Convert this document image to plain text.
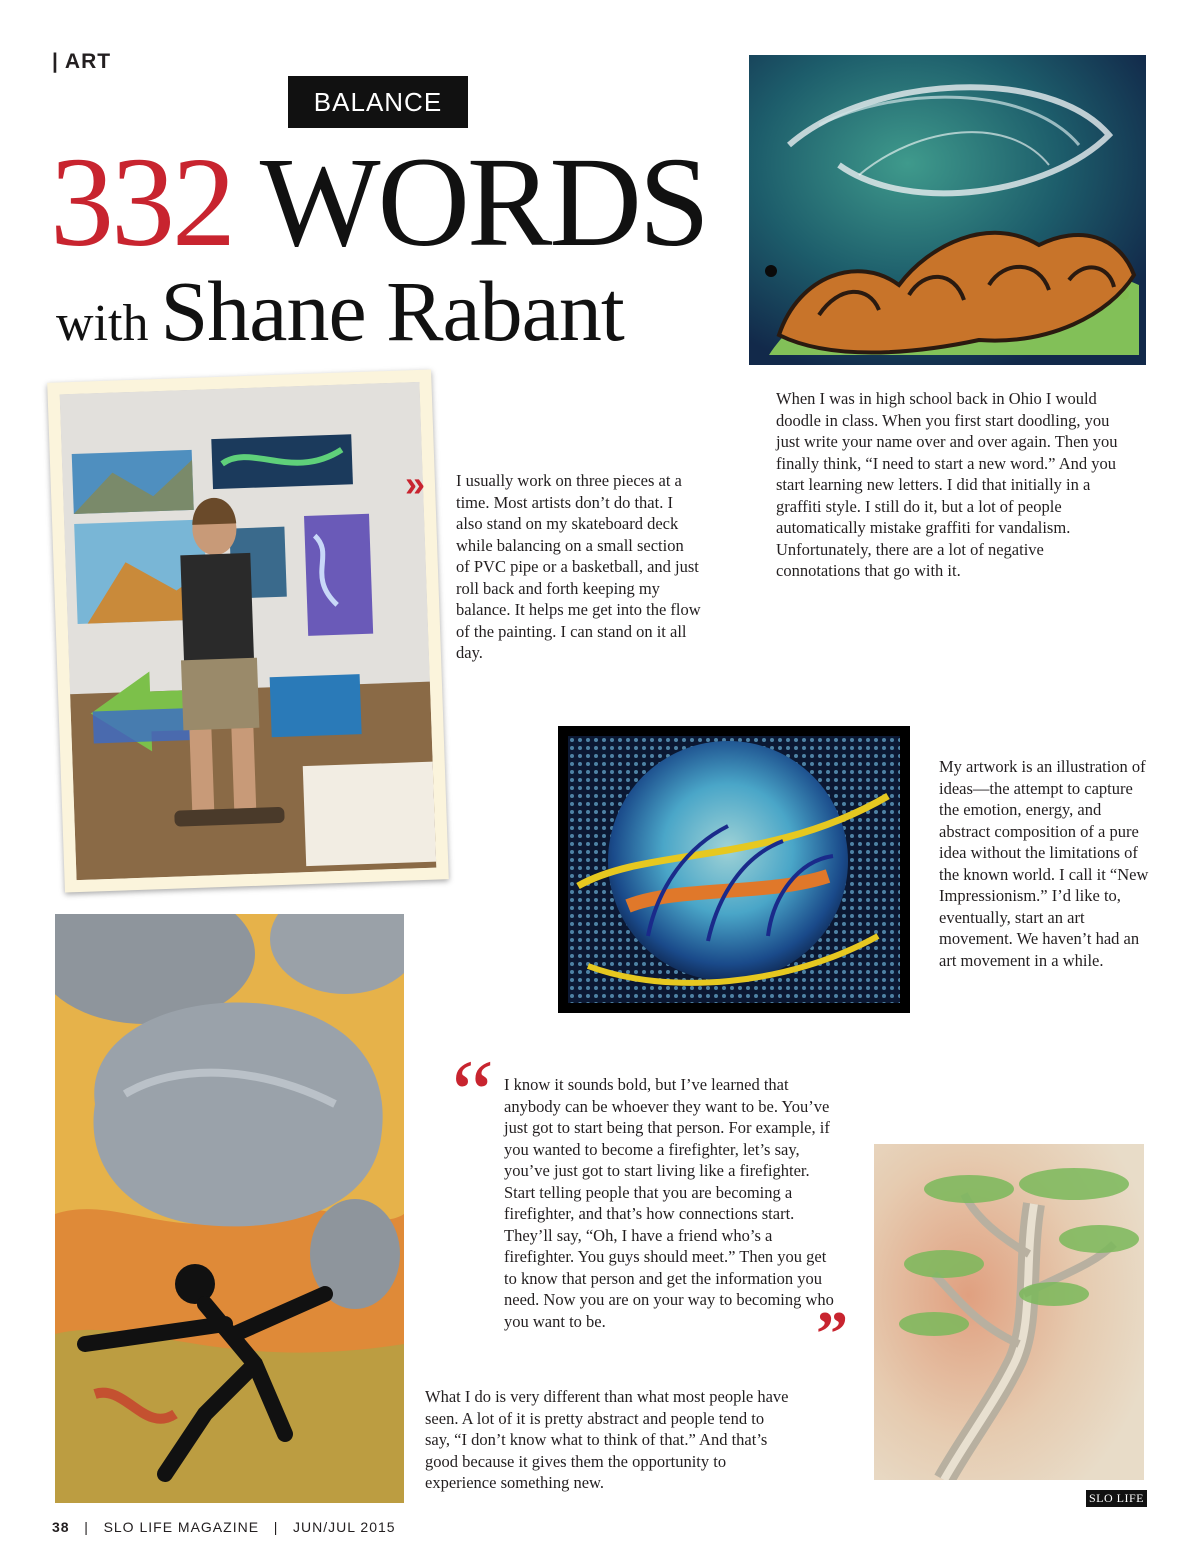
| ART
BALANCE
332 WORDS
with Shane Rabant
»
When I was in high school back in Ohio I would doodle in class. When you first start doodling, you just write your name over and over again. Then you finally think, “I need to start a new word.” And you start learning new letters. I did that initially in a graffiti style. I still do it, but a lot of people automatically mistake graffiti for vandalism. Unfortunately, there are a lot of negative connotations that go with it.
I usually work on three pieces at a time. Most artists don’t do that. I also stand on my skateboard deck while balancing on a small section of PVC pipe or a basketball, and just roll back and forth keeping my balance. It helps me get into the flow of the painting. I can stand on it all day.
My artwork is an illustration of ideas—the attempt to capture the emotion, energy, and abstract composition of a pure idea without the limitations of the known world. I call it “New Impressionism.” I’d like to, eventually, start an art movement. We haven’t had an art movement in a while.
“ I know it sounds bold, but I’ve learned that anybody can be whoever they want to be. You’ve just got to start being that person. For example, if you wanted to become a firefighter, let’s say, you’ve just got to start living like a firefighter. Start telling people that you are becoming a firefighter, and that’s how connections start. They’ll say, “Oh, I have a friend who’s a firefighter. You guys should meet.” Then you get to know that person and get the information you need. Now you are on your way to becoming who you want to be.	”
What I do is very different than what most people have seen. A lot of it is pretty abstract and people tend to say, “I don’t know what to think of that.” And that’s good because it gives them the opportunity to experience something new.
SLO LIFE
38   |   SLO LIFE MAGAZINE   |   JUN/JUL 2015
